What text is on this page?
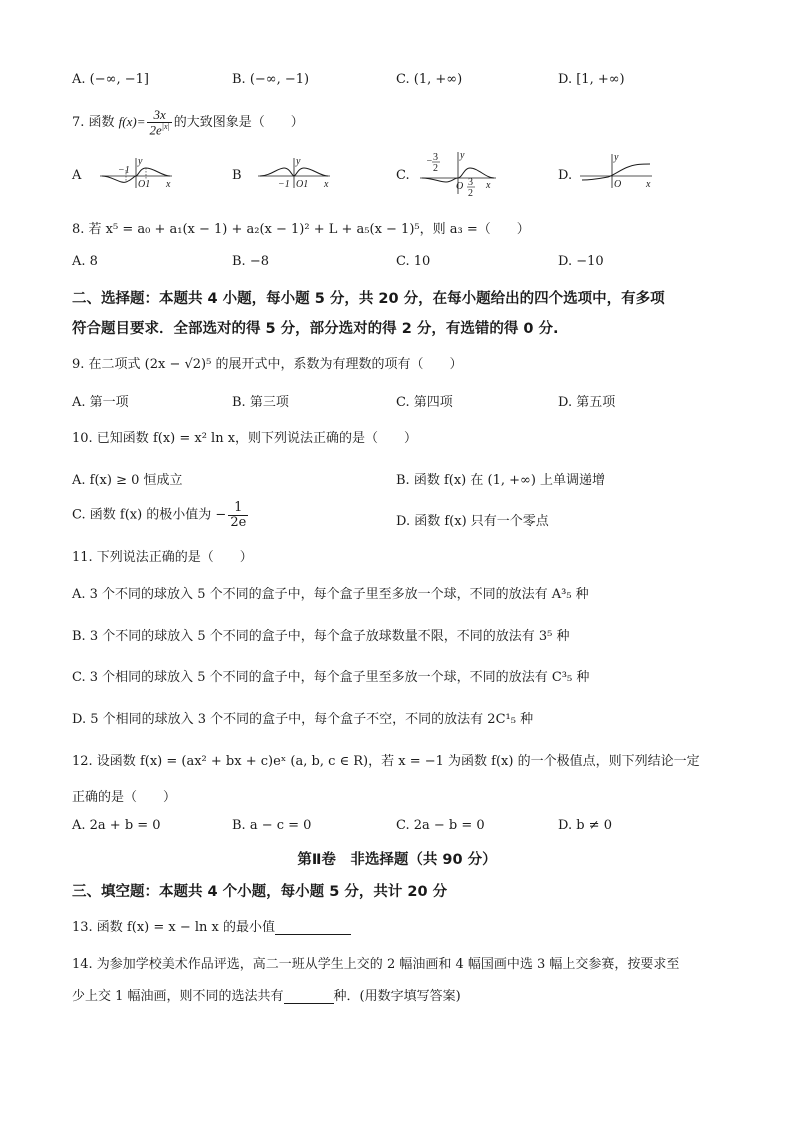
A. (−∞, −1]	B. (−∞, −1)	C. (1, +∞)	D. [1, +∞)
7. 函数 $f(x)= \frac{3x}{2e^{|x|}}$ 的大致图象是（　　）
A
y
−1
O1 x
B
y
−1 O1 x
C.
y
− 3
2
O 3
2
x
D.
y
O x
8. 若 x⁵ = a₀ + a₁(x − 1) + a₂(x − 1)² + L + a₅(x − 1)⁵，则 a₃ =（　　）
A. 8	B. −8	C. 10	D. −10
二、选择题：本题共 4 小题，每小题 5 分，共 20 分，在每小题给出的四个选项中，有多项
符合题目要求．全部选对的得 5 分，部分选对的得 2 分，有选错的得 0 分.
9. 在二项式 (2x − √2)⁵ 的展开式中，系数为有理数的项有（　　）
A. 第一项	B. 第三项	C. 第四项	D. 第五项
10. 已知函数 f(x) = x² ln x，则下列说法正确的是（　　）
A. f(x) ≥ 0 恒成立	B. 函数 f(x) 在 (1, +∞) 上单调递增
C. 函数 f(x) 的极小值为 − $\frac{1}{2e}$	D. 函数 f(x) 只有一个零点
11. 下列说法正确的是（　　）
A. 3 个不同的球放入 5 个不同的盒子中，每个盒子里至多放一个球，不同的放法有 A³₅ 种
B. 3 个不同的球放入 5 个不同的盒子中，每个盒子放球数量不限，不同的放法有 3⁵ 种
C. 3 个相同的球放入 5 个不同的盒子中，每个盒子里至多放一个球，不同的放法有 C³₅ 种
D. 5 个相同的球放入 3 个不同的盒子中，每个盒子不空，不同的放法有 2C¹₅ 种
12. 设函数 f(x) = (ax² + bx + c)eˣ (a, b, c ∈ R)，若 x = −1 为函数 f(x) 的一个极值点，则下列结论一定
正确的是（　　）
A. 2a + b = 0	B. a − c = 0	C. 2a − b = 0	D. b ≠ 0
第Ⅱ卷　非选择题（共 90 分）
三、填空题：本题共 4 个小题，每小题 5 分，共计 20 分
13. 函数 f(x) = x − ln x 的最小值
14. 为参加学校美术作品评选，高二一班从学生上交的 2 幅油画和 4 幅国画中选 3 幅上交参赛，按要求至
少上交 1 幅油画，则不同的选法共有	种．(用数字填写答案)
